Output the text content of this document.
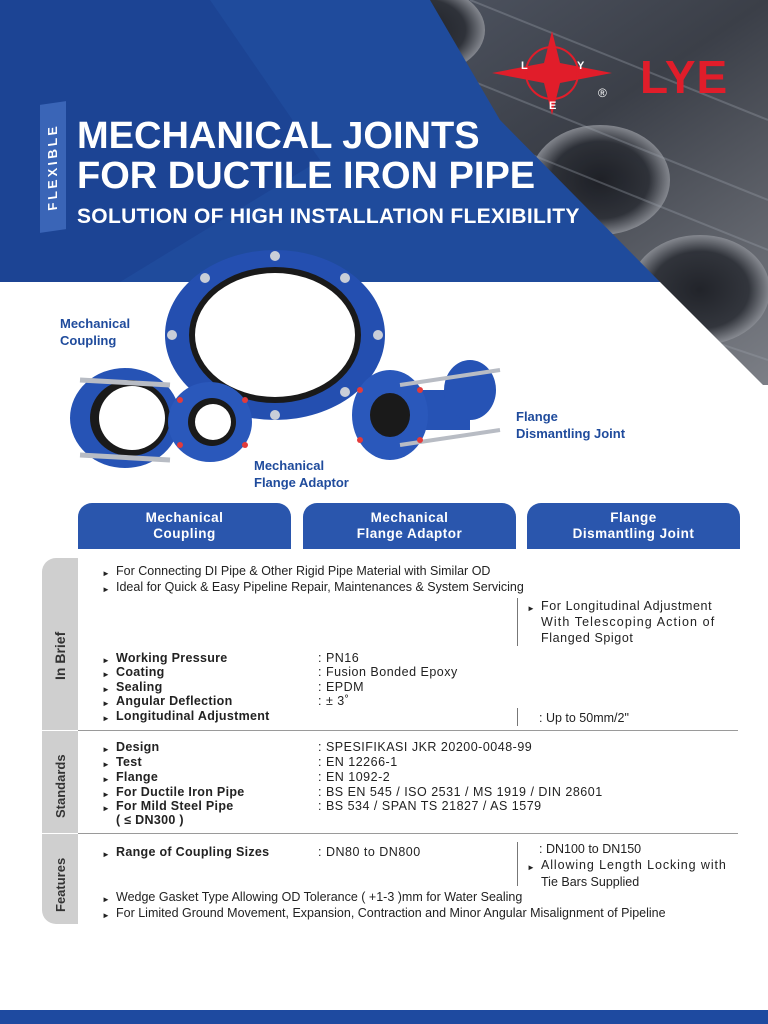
FLEXIBLE MECHANICAL JOINTS
FOR DUCTILE IRON PIPE
SOLUTION OF HIGH INSTALLATION FLEXIBILITY
L	Y
E
® LYE
Mechanical
Coupling
Mechanical
Flange Adaptor
Flange
Dismantling Joint
Mechanical
Coupling
Mechanical
Flange Adaptor
Flange
Dismantling Joint
In Brief
Standards
Features
► For Connecting DI Pipe & Other Rigid Pipe Material with Similar OD
► Ideal for Quick & Easy Pipeline Repair, Maintenances & System Servicing
► For Longitudinal Adjustment
With Telescoping Action of
Flanged Spigot
► Working Pressure	: PN16
► Coating	: Fusion Bonded Epoxy
► Sealing	: EPDM
► Angular Deflection	: ± 3˚
► Longitudinal Adjustment	: Up to 50mm/2"
► Design	: SPESIFIKASI JKR 20200-0048-99
► Test	: EN 12266-1
► Flange	: EN 1092-2
► For Ductile Iron Pipe	: BS EN 545 / ISO 2531 / MS 1919 / DIN 28601
► For Mild Steel Pipe	: BS 534 / SPAN TS 21827 / AS 1579
( ≤ DN300 )
► Range of Coupling Sizes	: DN80 to DN800	: DN100 to DN150
► Allowing Length Locking with
Tie Bars Supplied
► Wedge Gasket Type Allowing OD Tolerance ( +1-3 )mm for Water Sealing
► For Limited Ground Movement, Expansion, Contraction and Minor Angular Misalignment of Pipeline
